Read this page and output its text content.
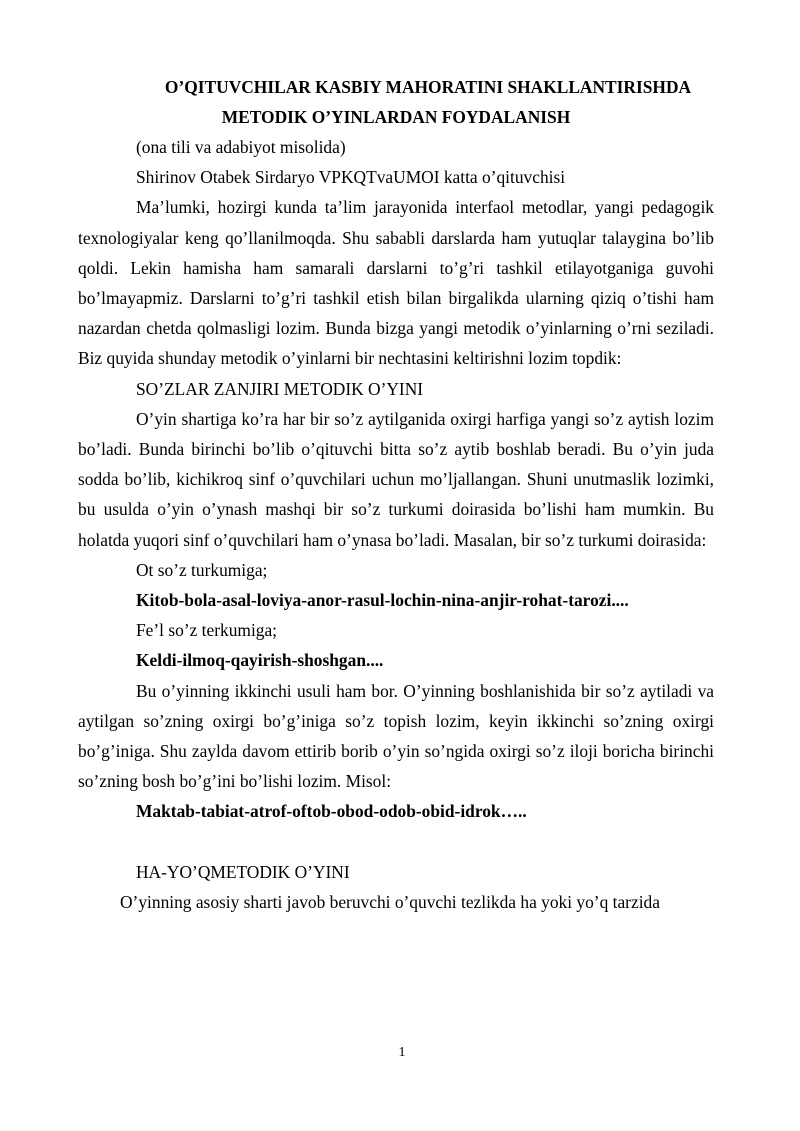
O’QITUVCHILAR KASBIY MAHORATINI SHAKLLANTIRISHDA
METODIK O’YINLARDAN FOYDALANISH

(ona tili va adabiyot misolida)

Shirinov Otabek Sirdaryo VPKQTvaUMOI katta o’qituvchisi

Ma’lumki, hozirgi kunda ta’lim jarayonida interfaol metodlar, yangi pedagogik texnologiyalar keng qo’llanilmoqda. Shu sababli darslarda ham yutuqlar talaygina bo’lib qoldi. Lekin hamisha ham samarali darslarni to’g’ri tashkil etilayotganiga guvohi bo’lmayapmiz. Darslarni to’g’ri tashkil etish bilan birgalikda ularning qiziq o’tishi ham nazardan chetda qolmasligi lozim. Bunda bizga yangi metodik o’yinlarning o’rni seziladi. Biz quyida shunday metodik o’yinlarni bir nechtasini keltirishni lozim topdik:

SO’ZLAR ZANJIRI METODIK O’YINI

O’yin shartiga ko’ra har bir so’z aytilganida oxirgi harfiga yangi so’z aytish lozim bo’ladi. Bunda birinchi bo’lib o’qituvchi bitta so’z aytib boshlab beradi. Bu o’yin juda sodda bo’lib, kichikroq sinf o’quvchilari uchun mo’ljallangan. Shuni unutmaslik lozimki, bu usulda o’yin o’ynash mashqi bir so’z turkumi doirasida bo’lishi ham mumkin. Bu holatda yuqori sinf o’quvchilari ham o’ynasa bo’ladi. Masalan, bir so’z turkumi doirasida:

Ot so’z turkumiga;

Kitob-bola-asal-loviya-anor-rasul-lochin-nina-anjir-rohat-tarozi....

Fe’l so’z terkumiga;

Keldi-ilmoq-qayirish-shoshgan....

Bu o’yinning ikkinchi usuli ham bor. O’yinning boshlanishida bir so’z aytiladi va aytilgan so’zning oxirgi bo’g’iniga so’z topish lozim, keyin ikkinchi so’zning oxirgi bo’g’iniga. Shu zaylda davom ettirib borib o’yin so’ngida oxirgi so’z iloji boricha birinchi so’zning bosh bo’g’ini bo’lishi lozim. Misol:

Maktab-tabiat-atrof-oftob-obod-odob-obid-idrok…..

HA-YO’QMETODIK O’YINI

O’yinning asosiy sharti javob beruvchi o’quvchi tezlikda ha yoki yo’q tarzida

1
